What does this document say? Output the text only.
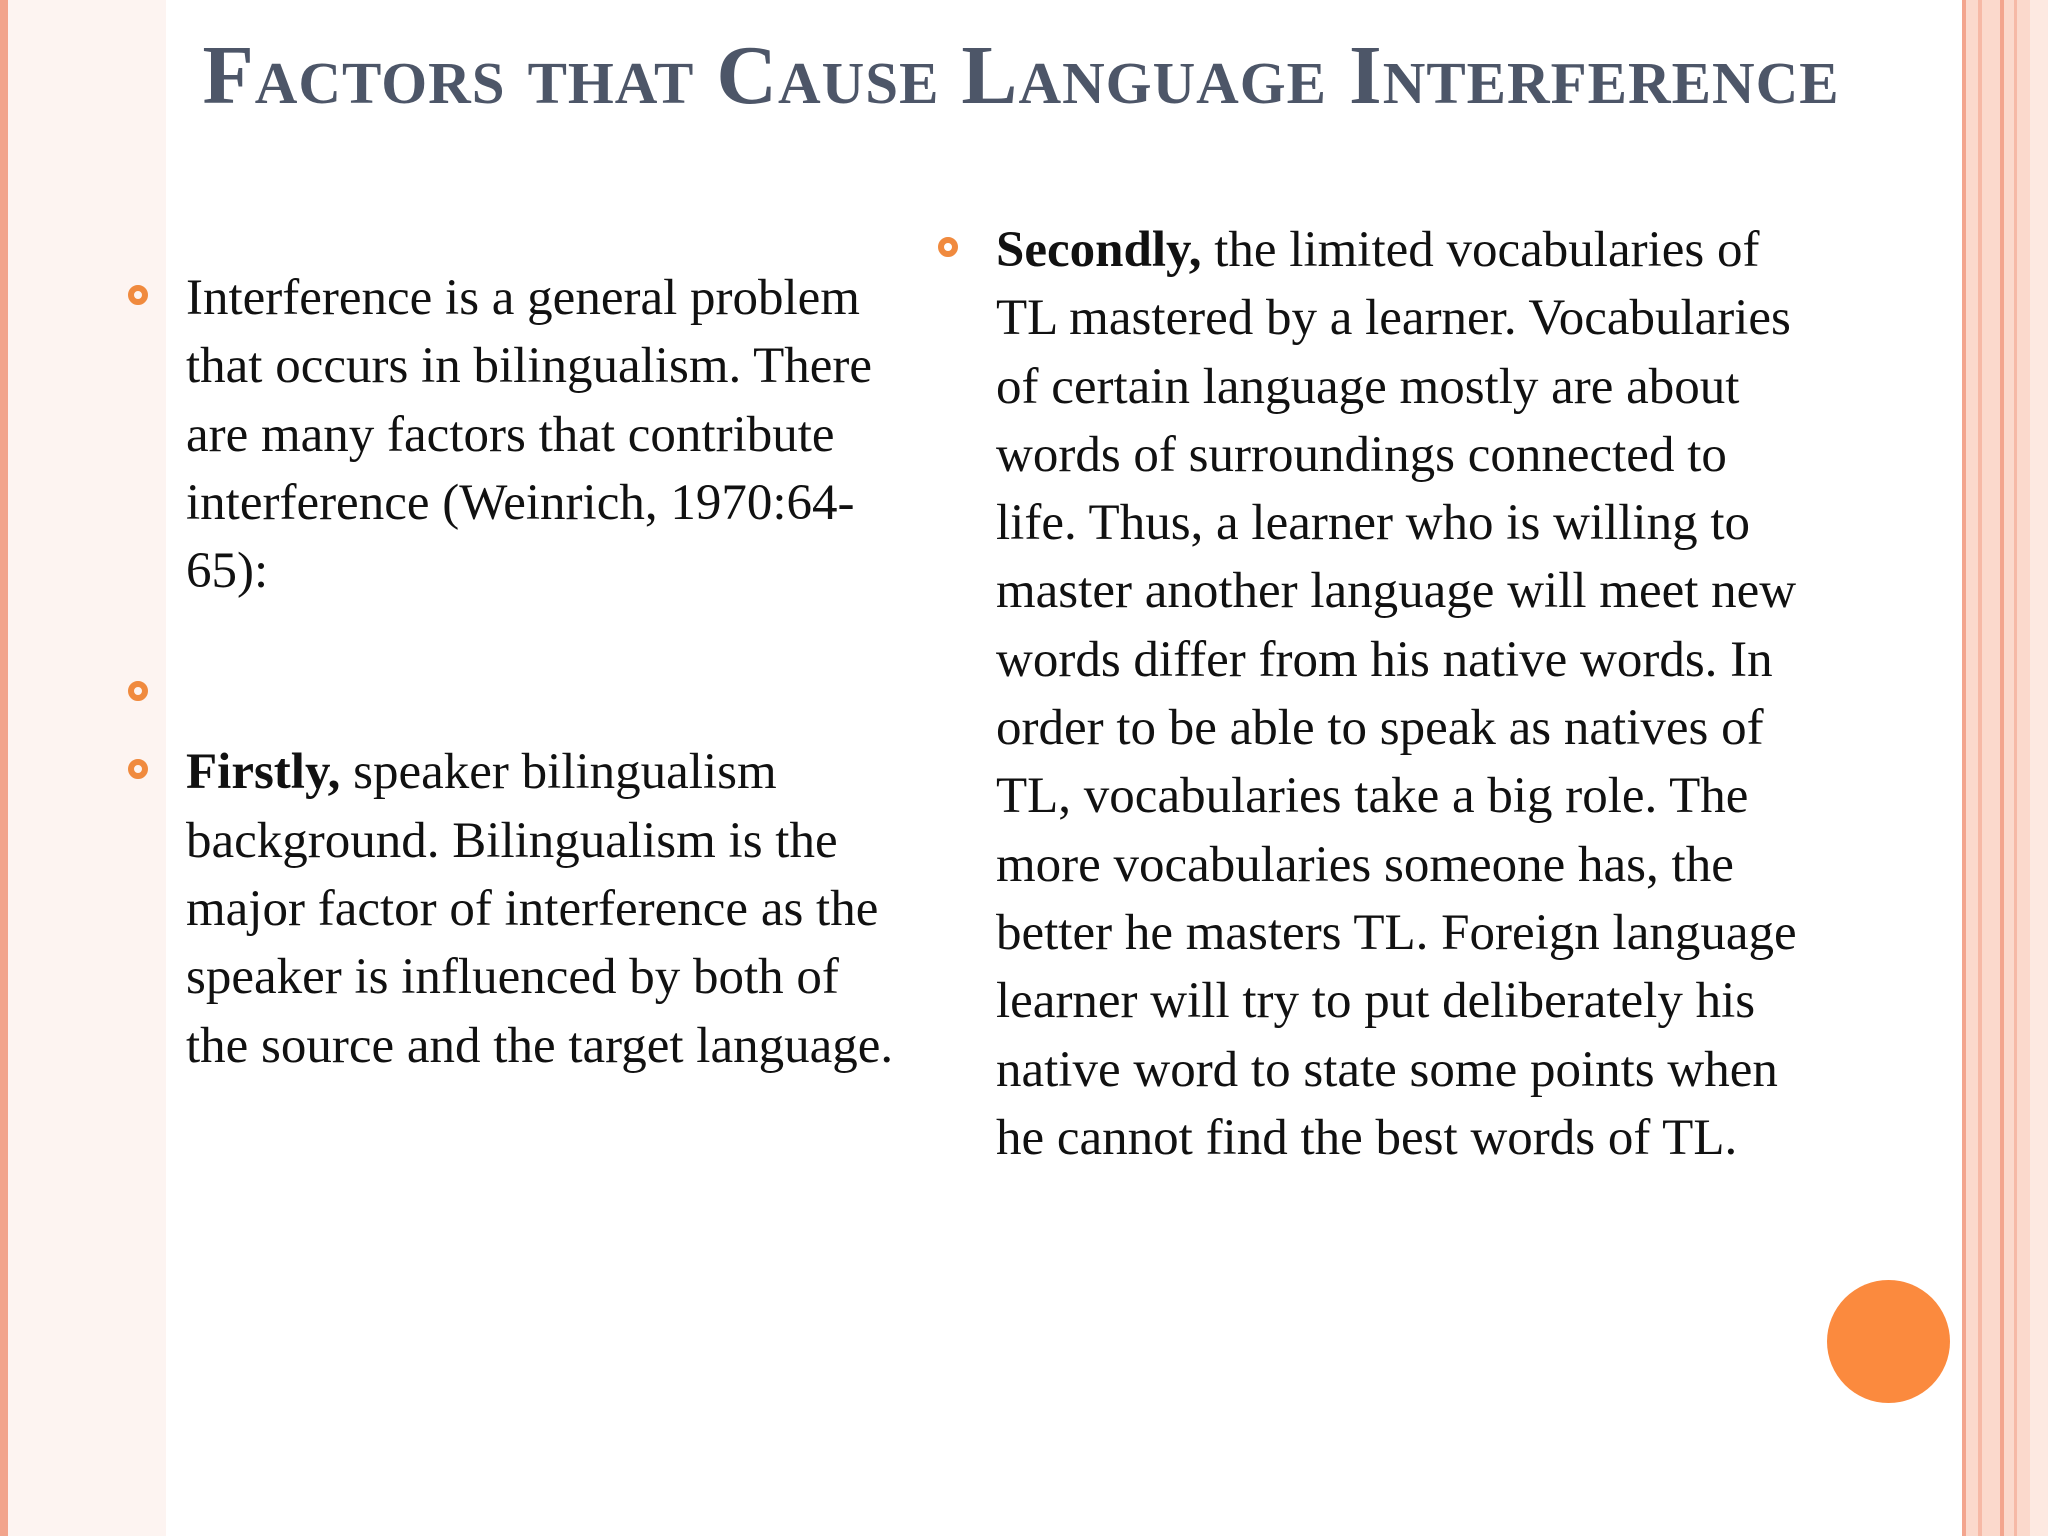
Factors that Cause Language Interference
Interference is a general problem that occurs in bilingualism. There are many factors that contribute interference (Weinrich, 1970:64-65):
Firstly, speaker bilingualism background. Bilingualism is the major factor of interference as the speaker is influenced by both of the source and the target language.
Secondly, the limited vocabularies of TL mastered by a learner. Vocabularies of certain language mostly are about words of surroundings connected to life. Thus, a learner who is willing to master another language will meet new words differ from his native words. In order to be able to speak as natives of TL, vocabularies take a big role. The more vocabularies someone has, the better he masters TL. Foreign language learner will try to put deliberately his native word to state some points when he cannot find the best words of TL.
